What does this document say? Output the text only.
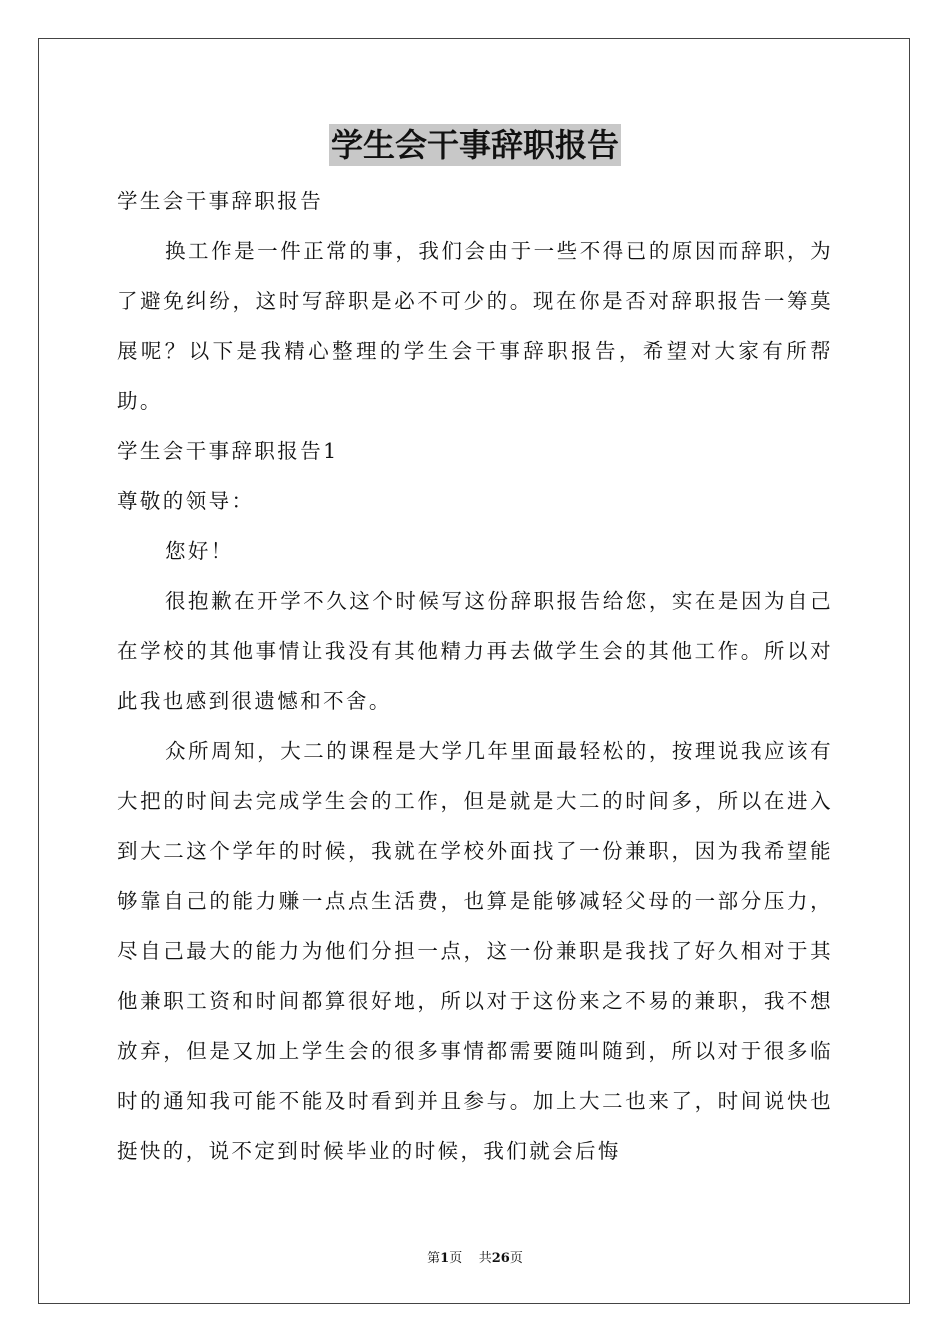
学生会干事辞职报告
学生会干事辞职报告
换工作是一件正常的事，我们会由于一些不得已的原因而辞职，为了避免纠纷，这时写辞职是必不可少的。现在你是否对辞职报告一筹莫展呢？以下是我精心整理的学生会干事辞职报告，希望对大家有所帮助。
学生会干事辞职报告1
尊敬的领导：
您好！
很抱歉在开学不久这个时候写这份辞职报告给您，实在是因为自己在学校的其他事情让我没有其他精力再去做学生会的其他工作。所以对此我也感到很遗憾和不舍。
众所周知，大二的课程是大学几年里面最轻松的，按理说我应该有大把的时间去完成学生会的工作，但是就是大二的时间多，所以在进入到大二这个学年的时候，我就在学校外面找了一份兼职，因为我希望能够靠自己的能力赚一点点生活费，也算是能够减轻父母的一部分压力，尽自己最大的能力为他们分担一点，这一份兼职是我找了好久相对于其他兼职工资和时间都算很好地，所以对于这份来之不易的兼职，我不想放弃，但是又加上学生会的很多事情都需要随叫随到，所以对于很多临时的通知我可能不能及时看到并且参与。加上大二也来了，时间说快也挺快的，说不定到时候毕业的时候，我们就会后悔
第1页 共26页
